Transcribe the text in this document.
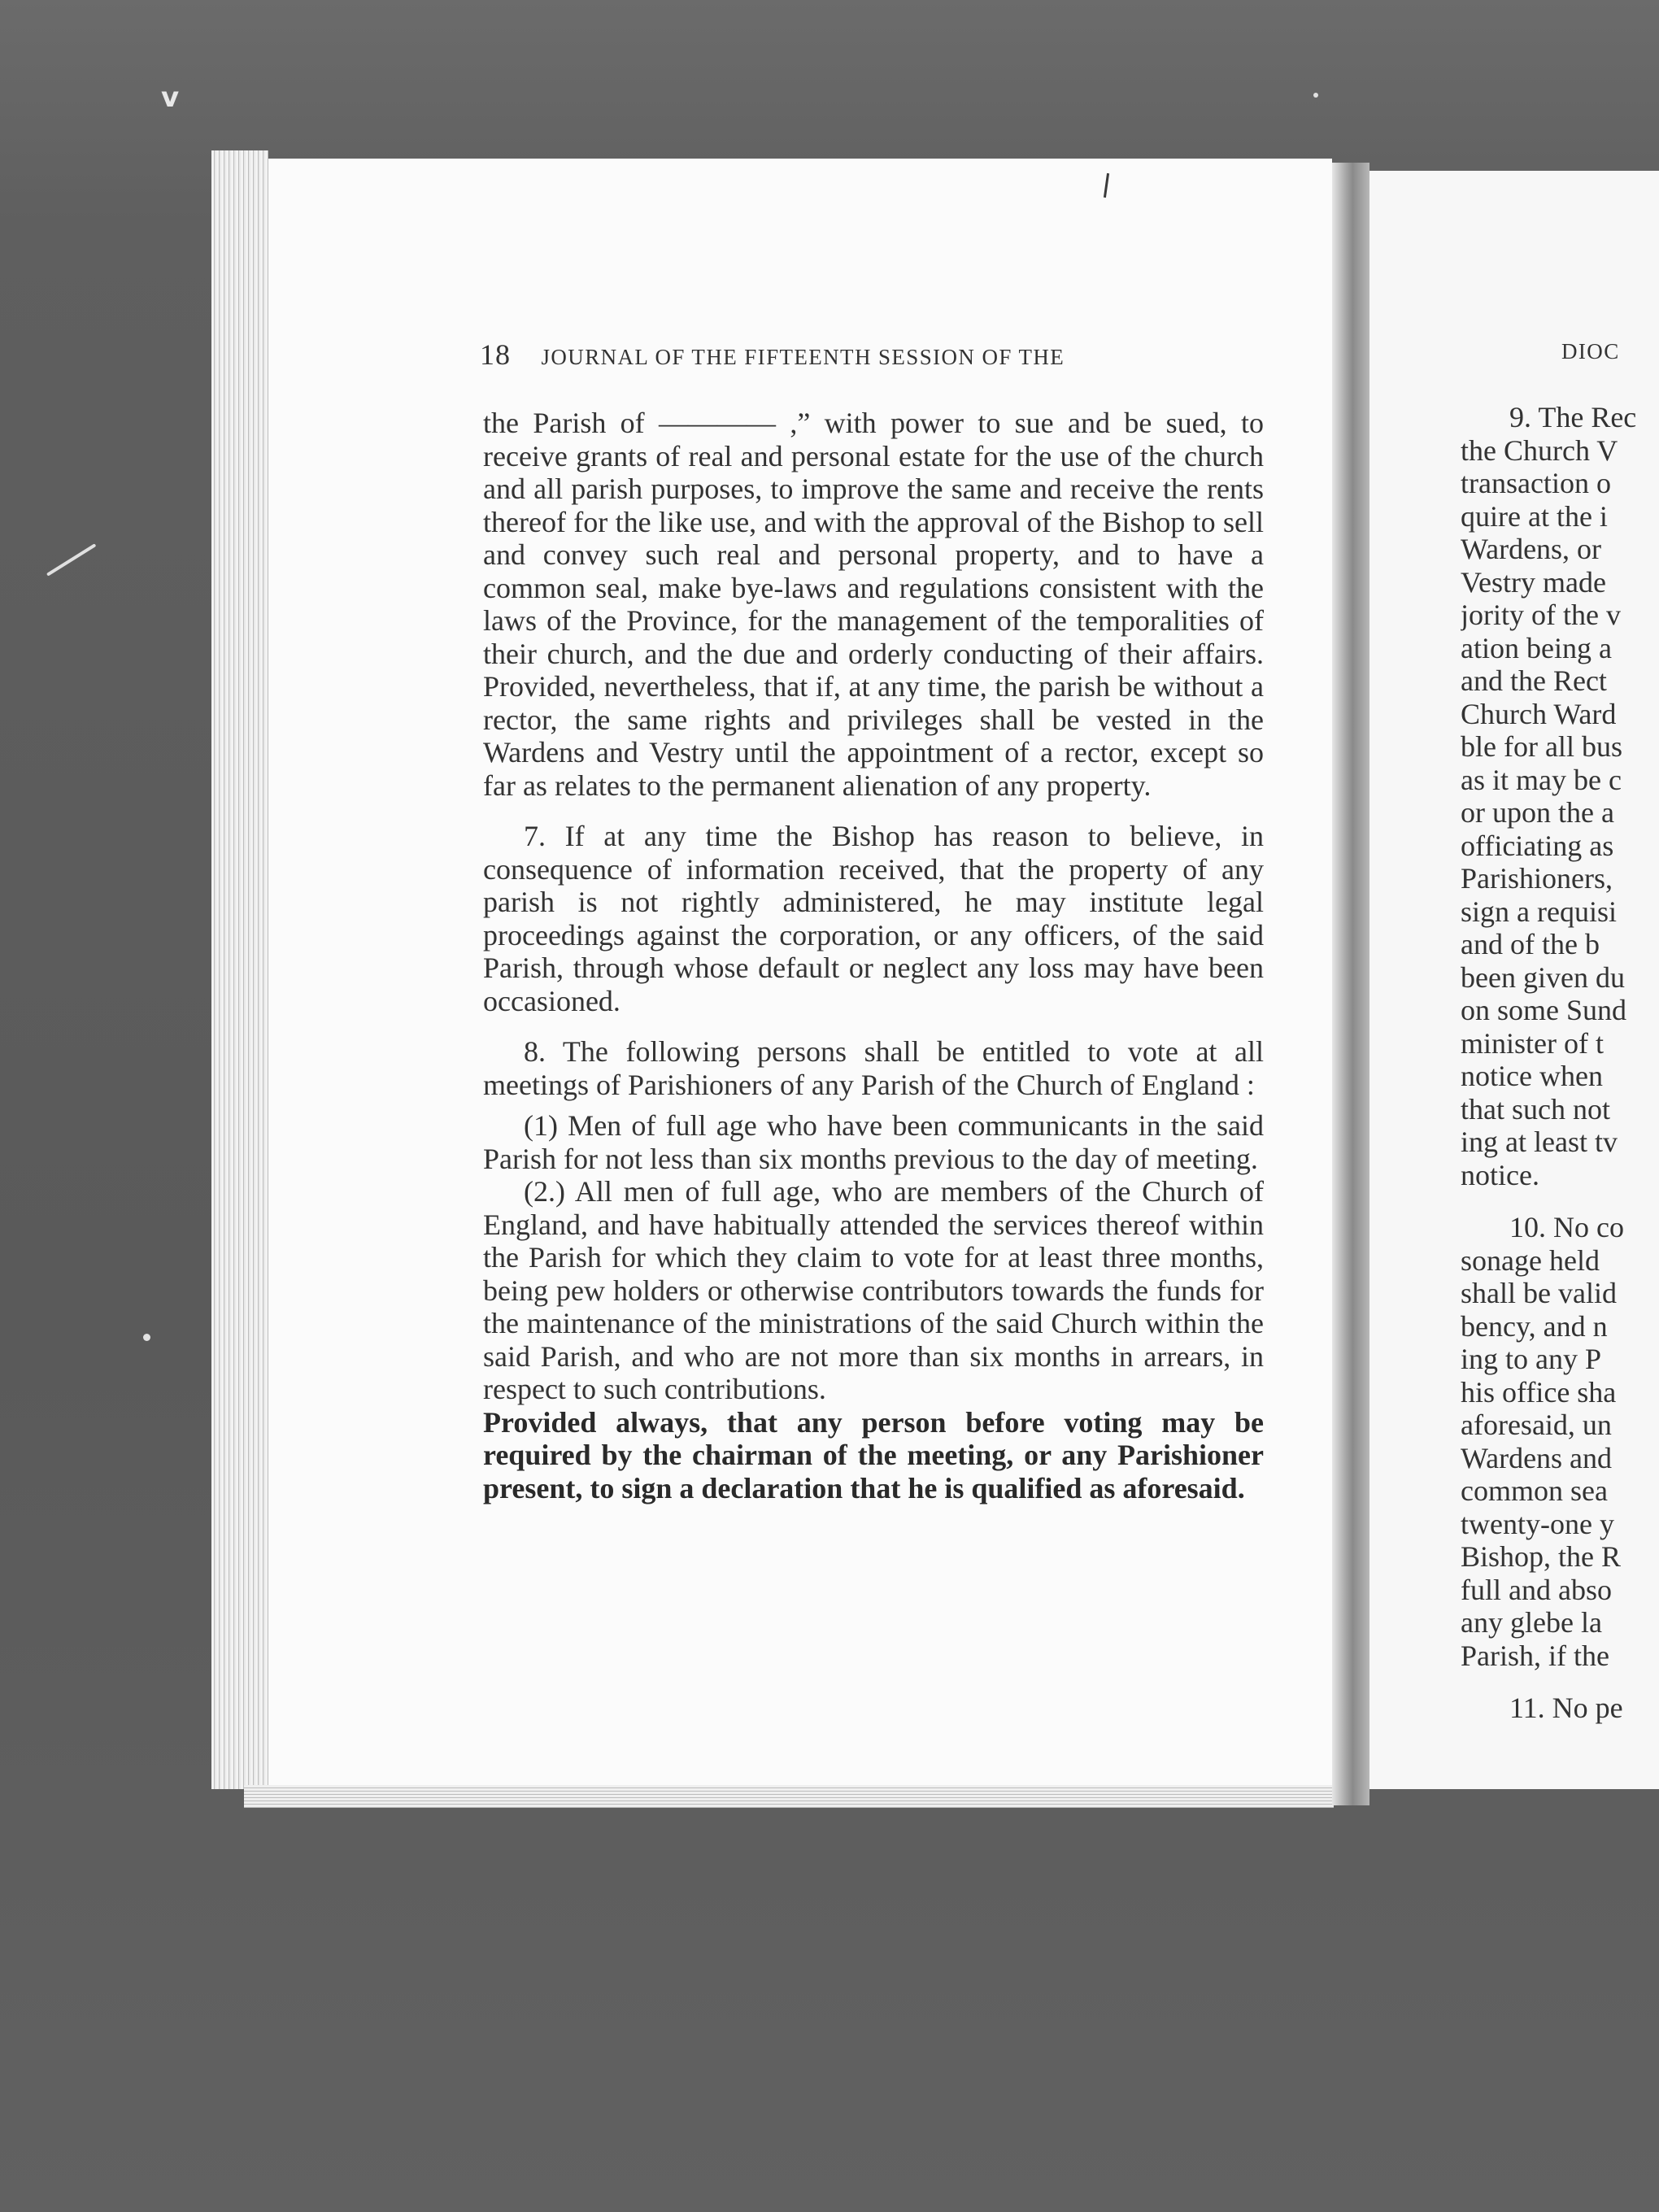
v
18 JOURNAL OF THE FIFTEENTH SESSION OF THE

the Parish of ———— ,” with power to sue and be sued, to receive grants of real and personal estate for the use of the church and all parish purposes, to improve the same and receive the rents thereof for the like use, and with the approval of the Bishop to sell and convey such real and personal property, and to have a common seal, make bye-laws and regulations consistent with the laws of the Province, for the management of the temporalities of their church, and the due and orderly conducting of their affairs. Provided, nevertheless, that if, at any time, the parish be without a rector, the same rights and privileges shall be vested in the Wardens and Vestry until the appointment of a rector, except so far as relates to the permanent alienation of any property.

7. If at any time the Bishop has reason to believe, in consequence of information received, that the property of any parish is not rightly administered, he may institute legal proceedings against the corporation, or any officers, of the said Parish, through whose default or neglect any loss may have been occasioned.

8. The following persons shall be entitled to vote at all meetings of Parishioners of any Parish of the Church of England :

(1) Men of full age who have been communicants in the said Parish for not less than six months previous to the day of meeting.

(2.) All men of full age, who are members of the Church of England, and have habitually attended the services thereof within the Parish for which they claim to vote for at least three months, being pew holders or otherwise contributors towards the funds for the maintenance of the ministrations of the said Church within the said Parish, and who are not more than six months in arrears, in respect to such contributions.

Provided always, that any person before voting may be required by the chairman of the meeting, or any Parishioner present, to sign a declaration that he is qualified as aforesaid.

DIOC
9. The Rec
the Church V
transaction o
quire at the i
Wardens, or
Vestry made
jority of the v
ation being a
and the Rect
Church Ward
ble for all bus
as it may be c
or upon the a
officiating as
Parishioners,
sign a requisi
and of the b
been given du
on some Sund
minister of t
notice when
that such not
ing at least tv
notice.
10. No co
sonage held
shall be valid
bency, and n
ing to any P
his office sha
aforesaid, un
Wardens and
common sea
twenty-one y
Bishop, the R
full and abso
any glebe la
Parish, if the
11. No pe
